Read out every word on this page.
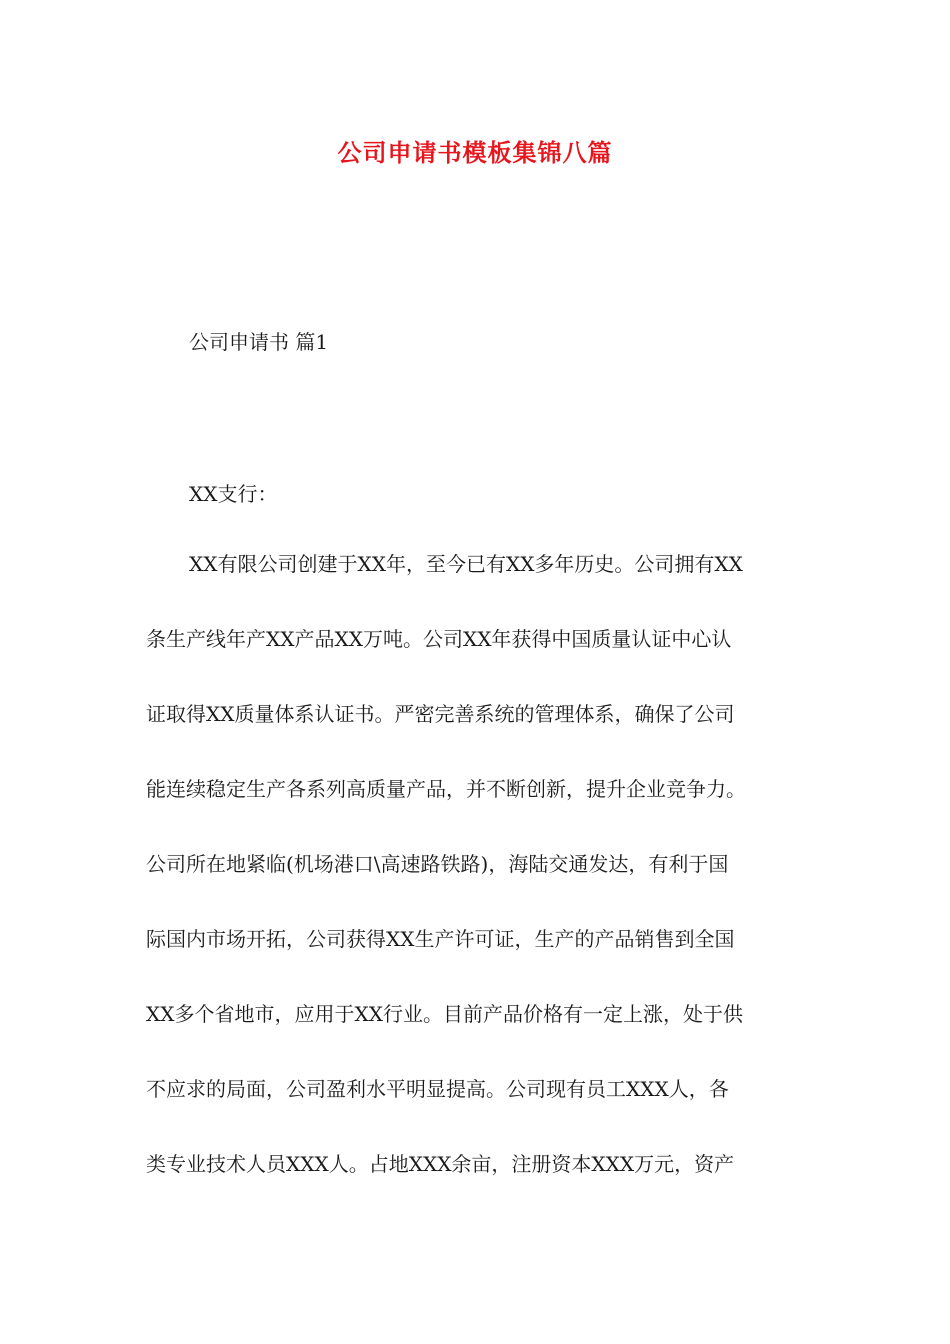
公司申请书模板集锦八篇
公司申请书 篇1
XX支行：
XX有限公司创建于XX年，至今已有XX多年历史。公司拥有XX
条生产线年产XX产品XX万吨。公司XX年获得中国质量认证中心认
证取得XX质量体系认证书。严密完善系统的管理体系，确保了公司
能连续稳定生产各系列高质量产品，并不断创新，提升企业竞争力。
公司所在地紧临(机场港口\高速路铁路)，海陆交通发达，有利于国
际国内市场开拓，公司获得XX生产许可证，生产的产品销售到全国
XX多个省地市，应用于XX行业。目前产品价格有一定上涨，处于供
不应求的局面，公司盈利水平明显提高。公司现有员工XXX人，各
类专业技术人员XXX人。占地XXX余亩，注册资本XXX万元，资产
